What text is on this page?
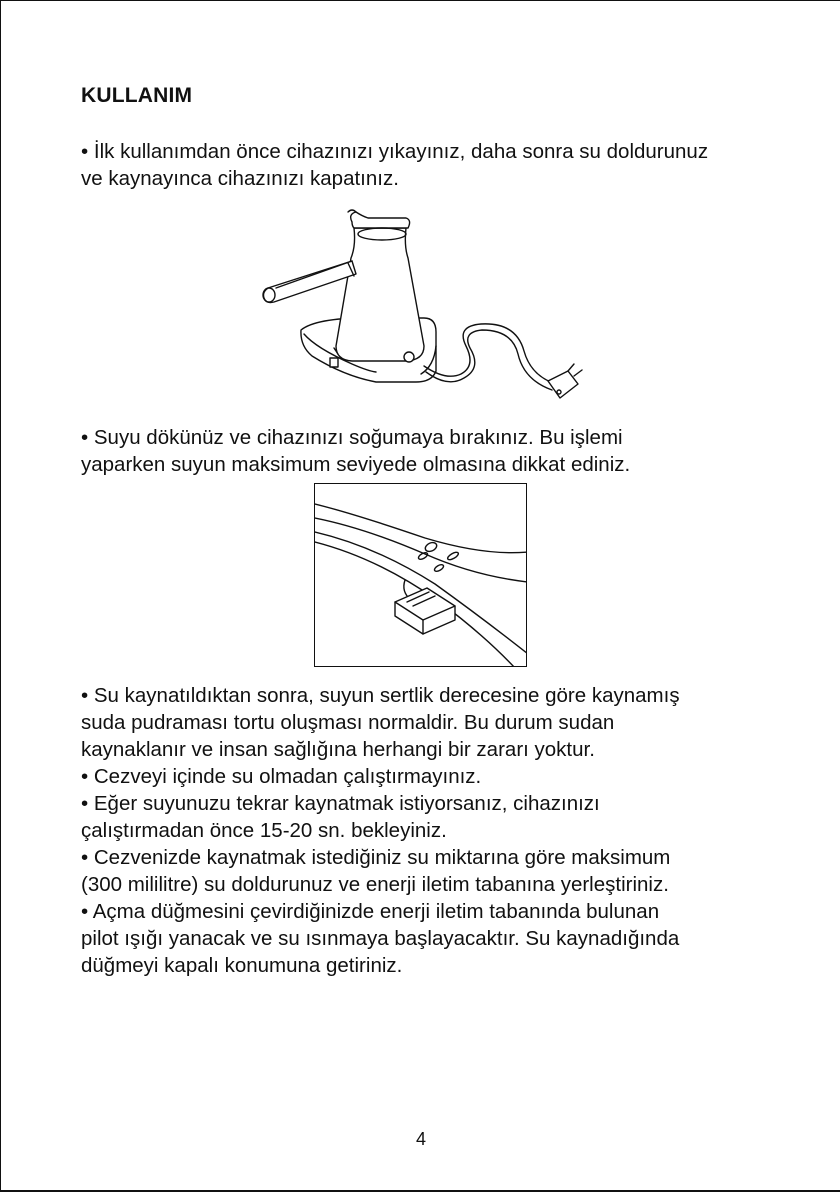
KULLANIM

• İlk kullanımdan önce cihazınızı yıkayınız, daha sonra su doldurunuz

ve kaynayınca cihazınızı kapatınız.

• Suyu dökünüz ve cihazınızı soğumaya bırakınız. Bu işlemi

yaparken suyun maksimum seviyede olmasına dikkat ediniz.

• Su kaynatıldıktan sonra, suyun sertlik derecesine göre kaynamış

suda pudraması tortu oluşması normaldir. Bu durum sudan

kaynaklanır ve insan sağlığına herhangi bir zararı yoktur.

• Cezveyi içinde su olmadan çalıştırmayınız.

• Eğer suyunuzu tekrar kaynatmak istiyorsanız, cihazınızı

çalıştırmadan önce 15-20 sn. bekleyiniz.

• Cezvenizde kaynatmak istediğiniz su miktarına göre maksimum

(300 mililitre) su doldurunuz ve enerji iletim tabanına yerleştiriniz.

• Açma düğmesini çevirdiğinizde enerji iletim tabanında bulunan

pilot ışığı yanacak ve su ısınmaya başlayacaktır. Su kaynadığında

düğmeyi kapalı konumuna getiriniz.

4
